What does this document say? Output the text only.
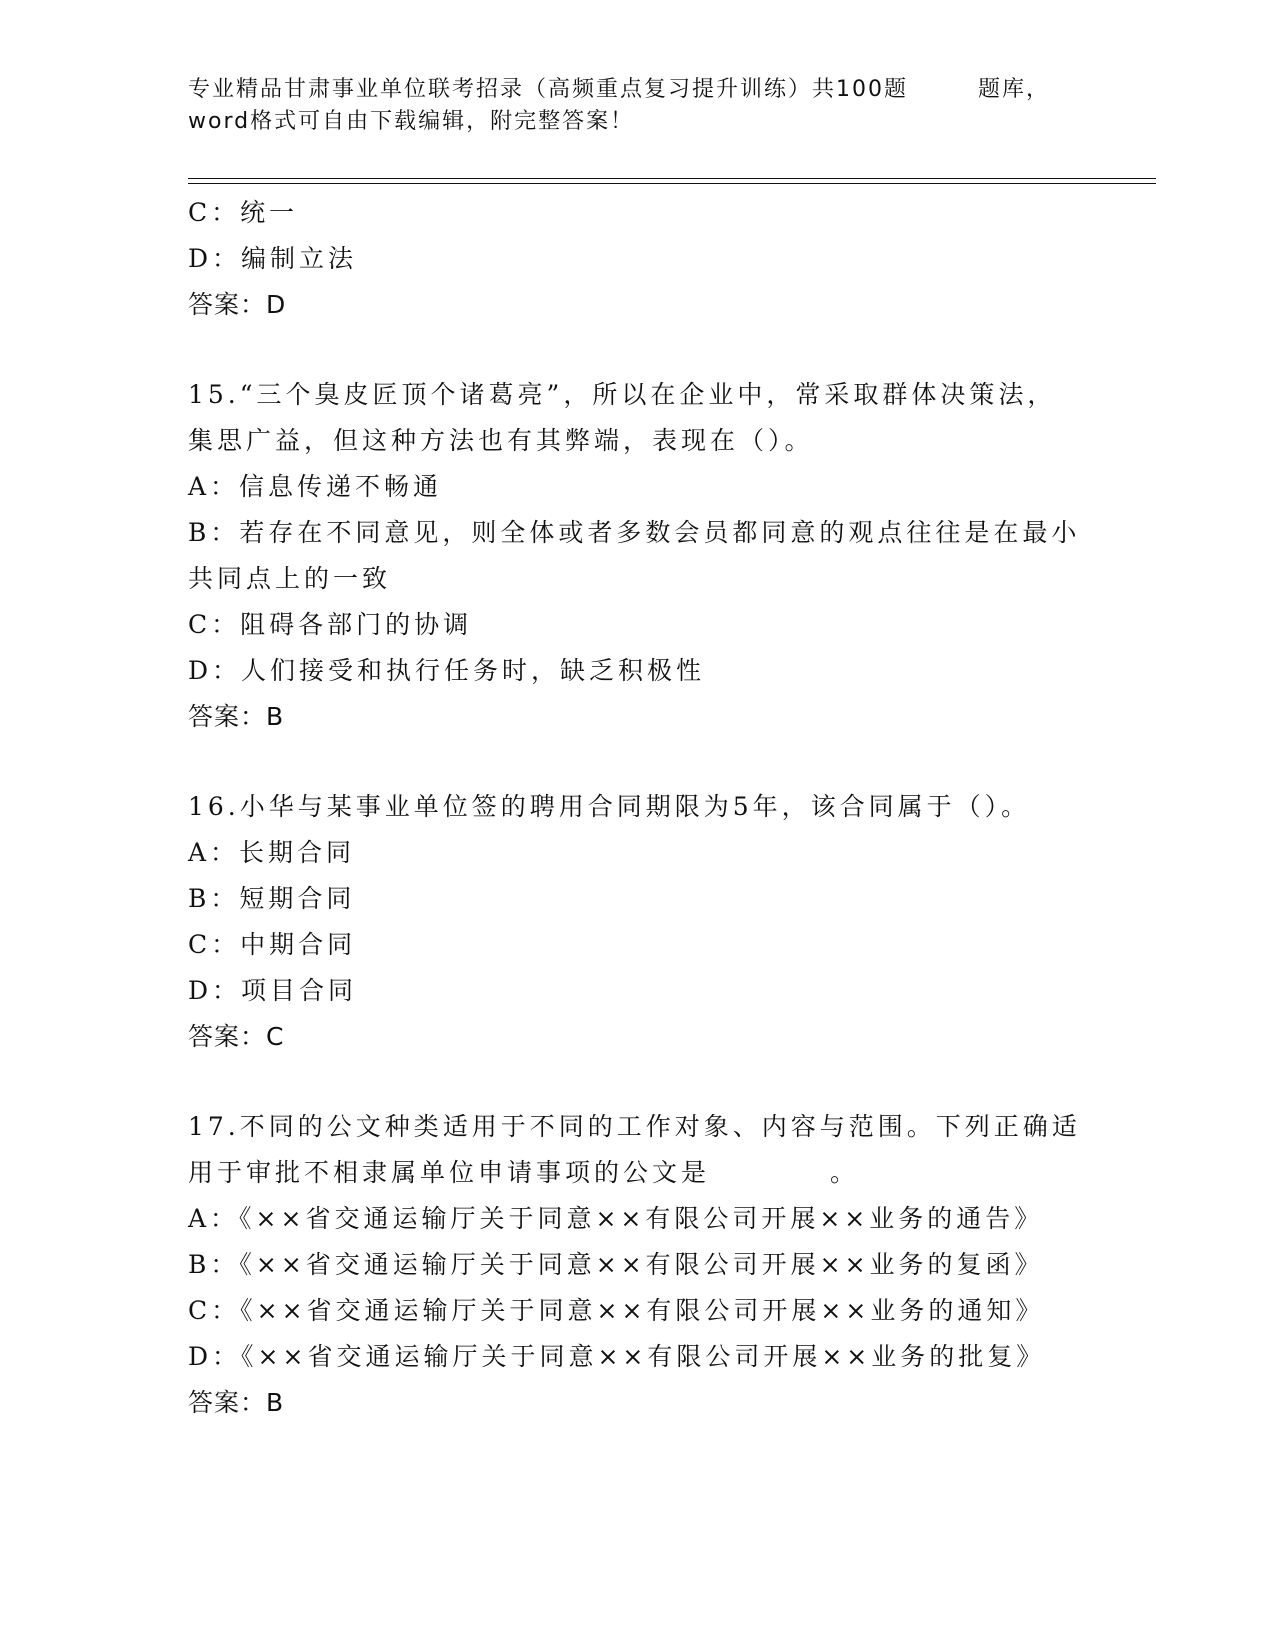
专业精品甘肃事业单位联考招录（高频重点复习提升训练）共100题	题库，
word格式可自由下载编辑，附完整答案！
C：统一
D：编制立法
答案：D
15.“三个臭皮匠顶个诸葛亮”，所以在企业中，常采取群体决策法，
集思广益，但这种方法也有其弊端，表现在（）。
A：信息传递不畅通
B：若存在不同意见，则全体或者多数会员都同意的观点往往是在最小
共同点上的一致
C：阻碍各部门的协调
D：人们接受和执行任务时，缺乏积极性
答案：B
16.小华与某事业单位签的聘用合同期限为5年，该合同属于（）。
A：长期合同
B：短期合同
C：中期合同
D：项目合同
答案：C
17.不同的公文种类适用于不同的工作对象、内容与范围。下列正确适
用于审批不相隶属单位申请事项的公文是	。
A：《××省交通运输厅关于同意××有限公司开展××业务的通告》
B：《××省交通运输厅关于同意××有限公司开展××业务的复函》
C：《××省交通运输厅关于同意××有限公司开展××业务的通知》
D：《××省交通运输厅关于同意××有限公司开展××业务的批复》
答案：B
